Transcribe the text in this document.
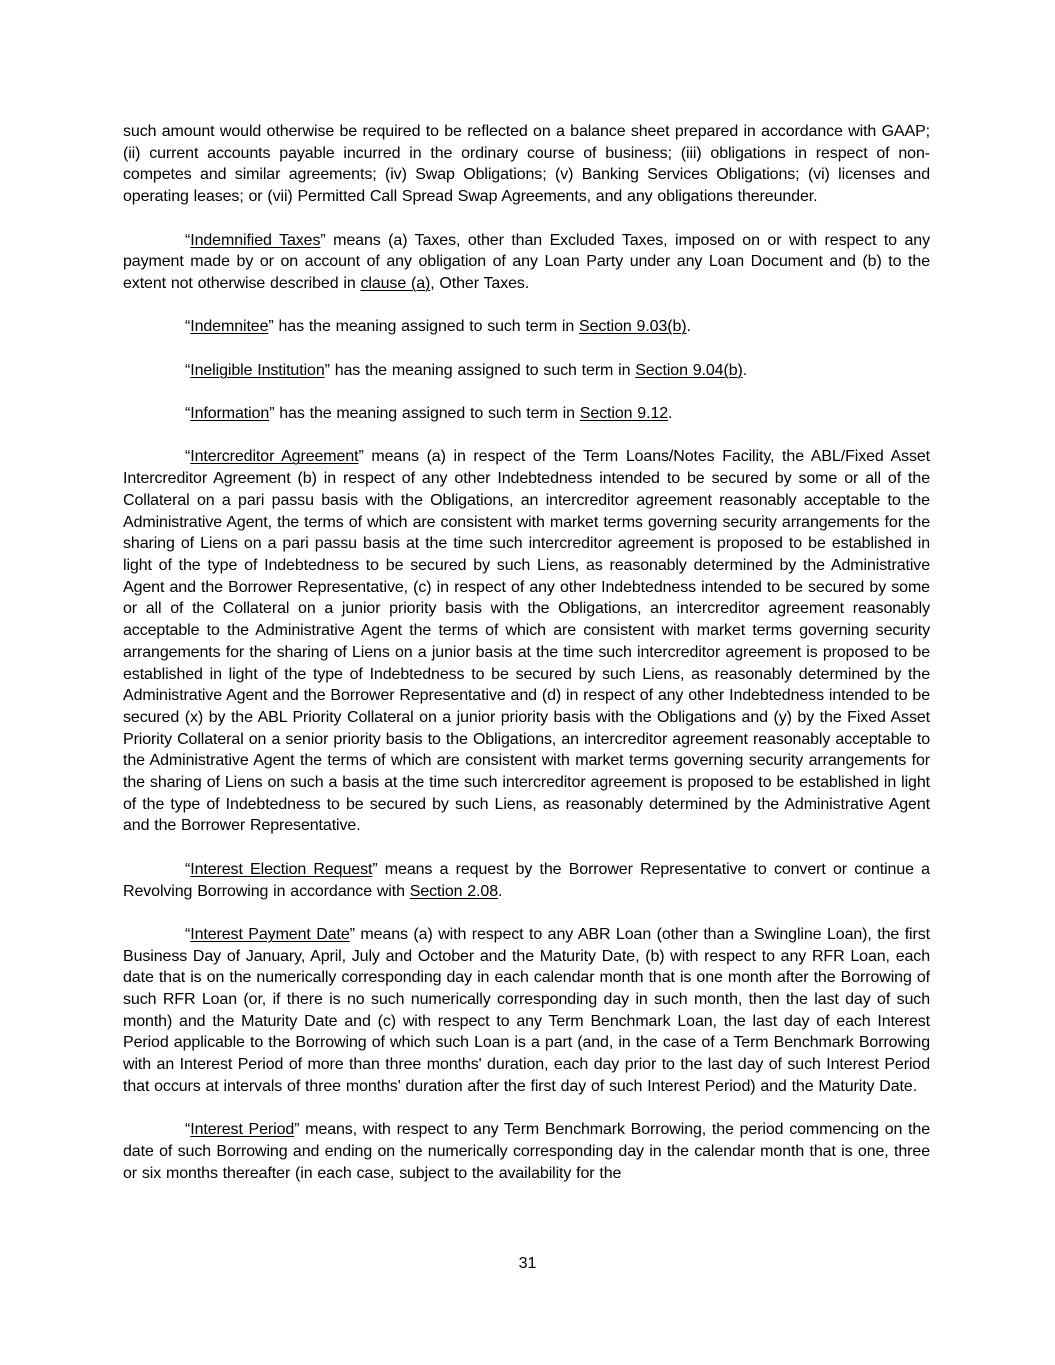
such amount would otherwise be required to be reflected on a balance sheet prepared in accordance with GAAP; (ii) current accounts payable incurred in the ordinary course of business; (iii) obligations in respect of non-competes and similar agreements; (iv) Swap Obligations; (v) Banking Services Obligations; (vi) licenses and operating leases; or (vii) Permitted Call Spread Swap Agreements, and any obligations thereunder.

“Indemnified Taxes” means (a) Taxes, other than Excluded Taxes, imposed on or with respect to any payment made by or on account of any obligation of any Loan Party under any Loan Document and (b) to the extent not otherwise described in clause (a), Other Taxes.

“Indemnitee” has the meaning assigned to such term in Section 9.03(b).

“Ineligible Institution” has the meaning assigned to such term in Section 9.04(b).

“Information” has the meaning assigned to such term in Section 9.12.

“Intercreditor Agreement” means (a) in respect of the Term Loans/Notes Facility, the ABL/Fixed Asset Intercreditor Agreement (b) in respect of any other Indebtedness intended to be secured by some or all of the Collateral on a pari passu basis with the Obligations, an intercreditor agreement reasonably acceptable to the Administrative Agent, the terms of which are consistent with market terms governing security arrangements for the sharing of Liens on a pari passu basis at the time such intercreditor agreement is proposed to be established in light of the type of Indebtedness to be secured by such Liens, as reasonably determined by the Administrative Agent and the Borrower Representative, (c) in respect of any other Indebtedness intended to be secured by some or all of the Collateral on a junior priority basis with the Obligations, an intercreditor agreement reasonably acceptable to the Administrative Agent the terms of which are consistent with market terms governing security arrangements for the sharing of Liens on a junior basis at the time such intercreditor agreement is proposed to be established in light of the type of Indebtedness to be secured by such Liens, as reasonably determined by the Administrative Agent and the Borrower Representative and (d) in respect of any other Indebtedness intended to be secured (x) by the ABL Priority Collateral on a junior priority basis with the Obligations and (y) by the Fixed Asset Priority Collateral on a senior priority basis to the Obligations, an intercreditor agreement reasonably acceptable to the Administrative Agent the terms of which are consistent with market terms governing security arrangements for the sharing of Liens on such a basis at the time such intercreditor agreement is proposed to be established in light of the type of Indebtedness to be secured by such Liens, as reasonably determined by the Administrative Agent and the Borrower Representative.

“Interest Election Request” means a request by the Borrower Representative to convert or continue a Revolving Borrowing in accordance with Section 2.08.

“Interest Payment Date” means (a) with respect to any ABR Loan (other than a Swingline Loan), the first Business Day of January, April, July and October and the Maturity Date, (b) with respect to any RFR Loan, each date that is on the numerically corresponding day in each calendar month that is one month after the Borrowing of such RFR Loan (or, if there is no such numerically corresponding day in such month, then the last day of such month) and the Maturity Date and (c) with respect to any Term Benchmark Loan, the last day of each Interest Period applicable to the Borrowing of which such Loan is a part (and, in the case of a Term Benchmark Borrowing with an Interest Period of more than three months' duration, each day prior to the last day of such Interest Period that occurs at intervals of three months' duration after the first day of such Interest Period) and the Maturity Date.

“Interest Period” means, with respect to any Term Benchmark Borrowing, the period commencing on the date of such Borrowing and ending on the numerically corresponding day in the calendar month that is one, three or six months thereafter (in each case, subject to the availability for the

31
